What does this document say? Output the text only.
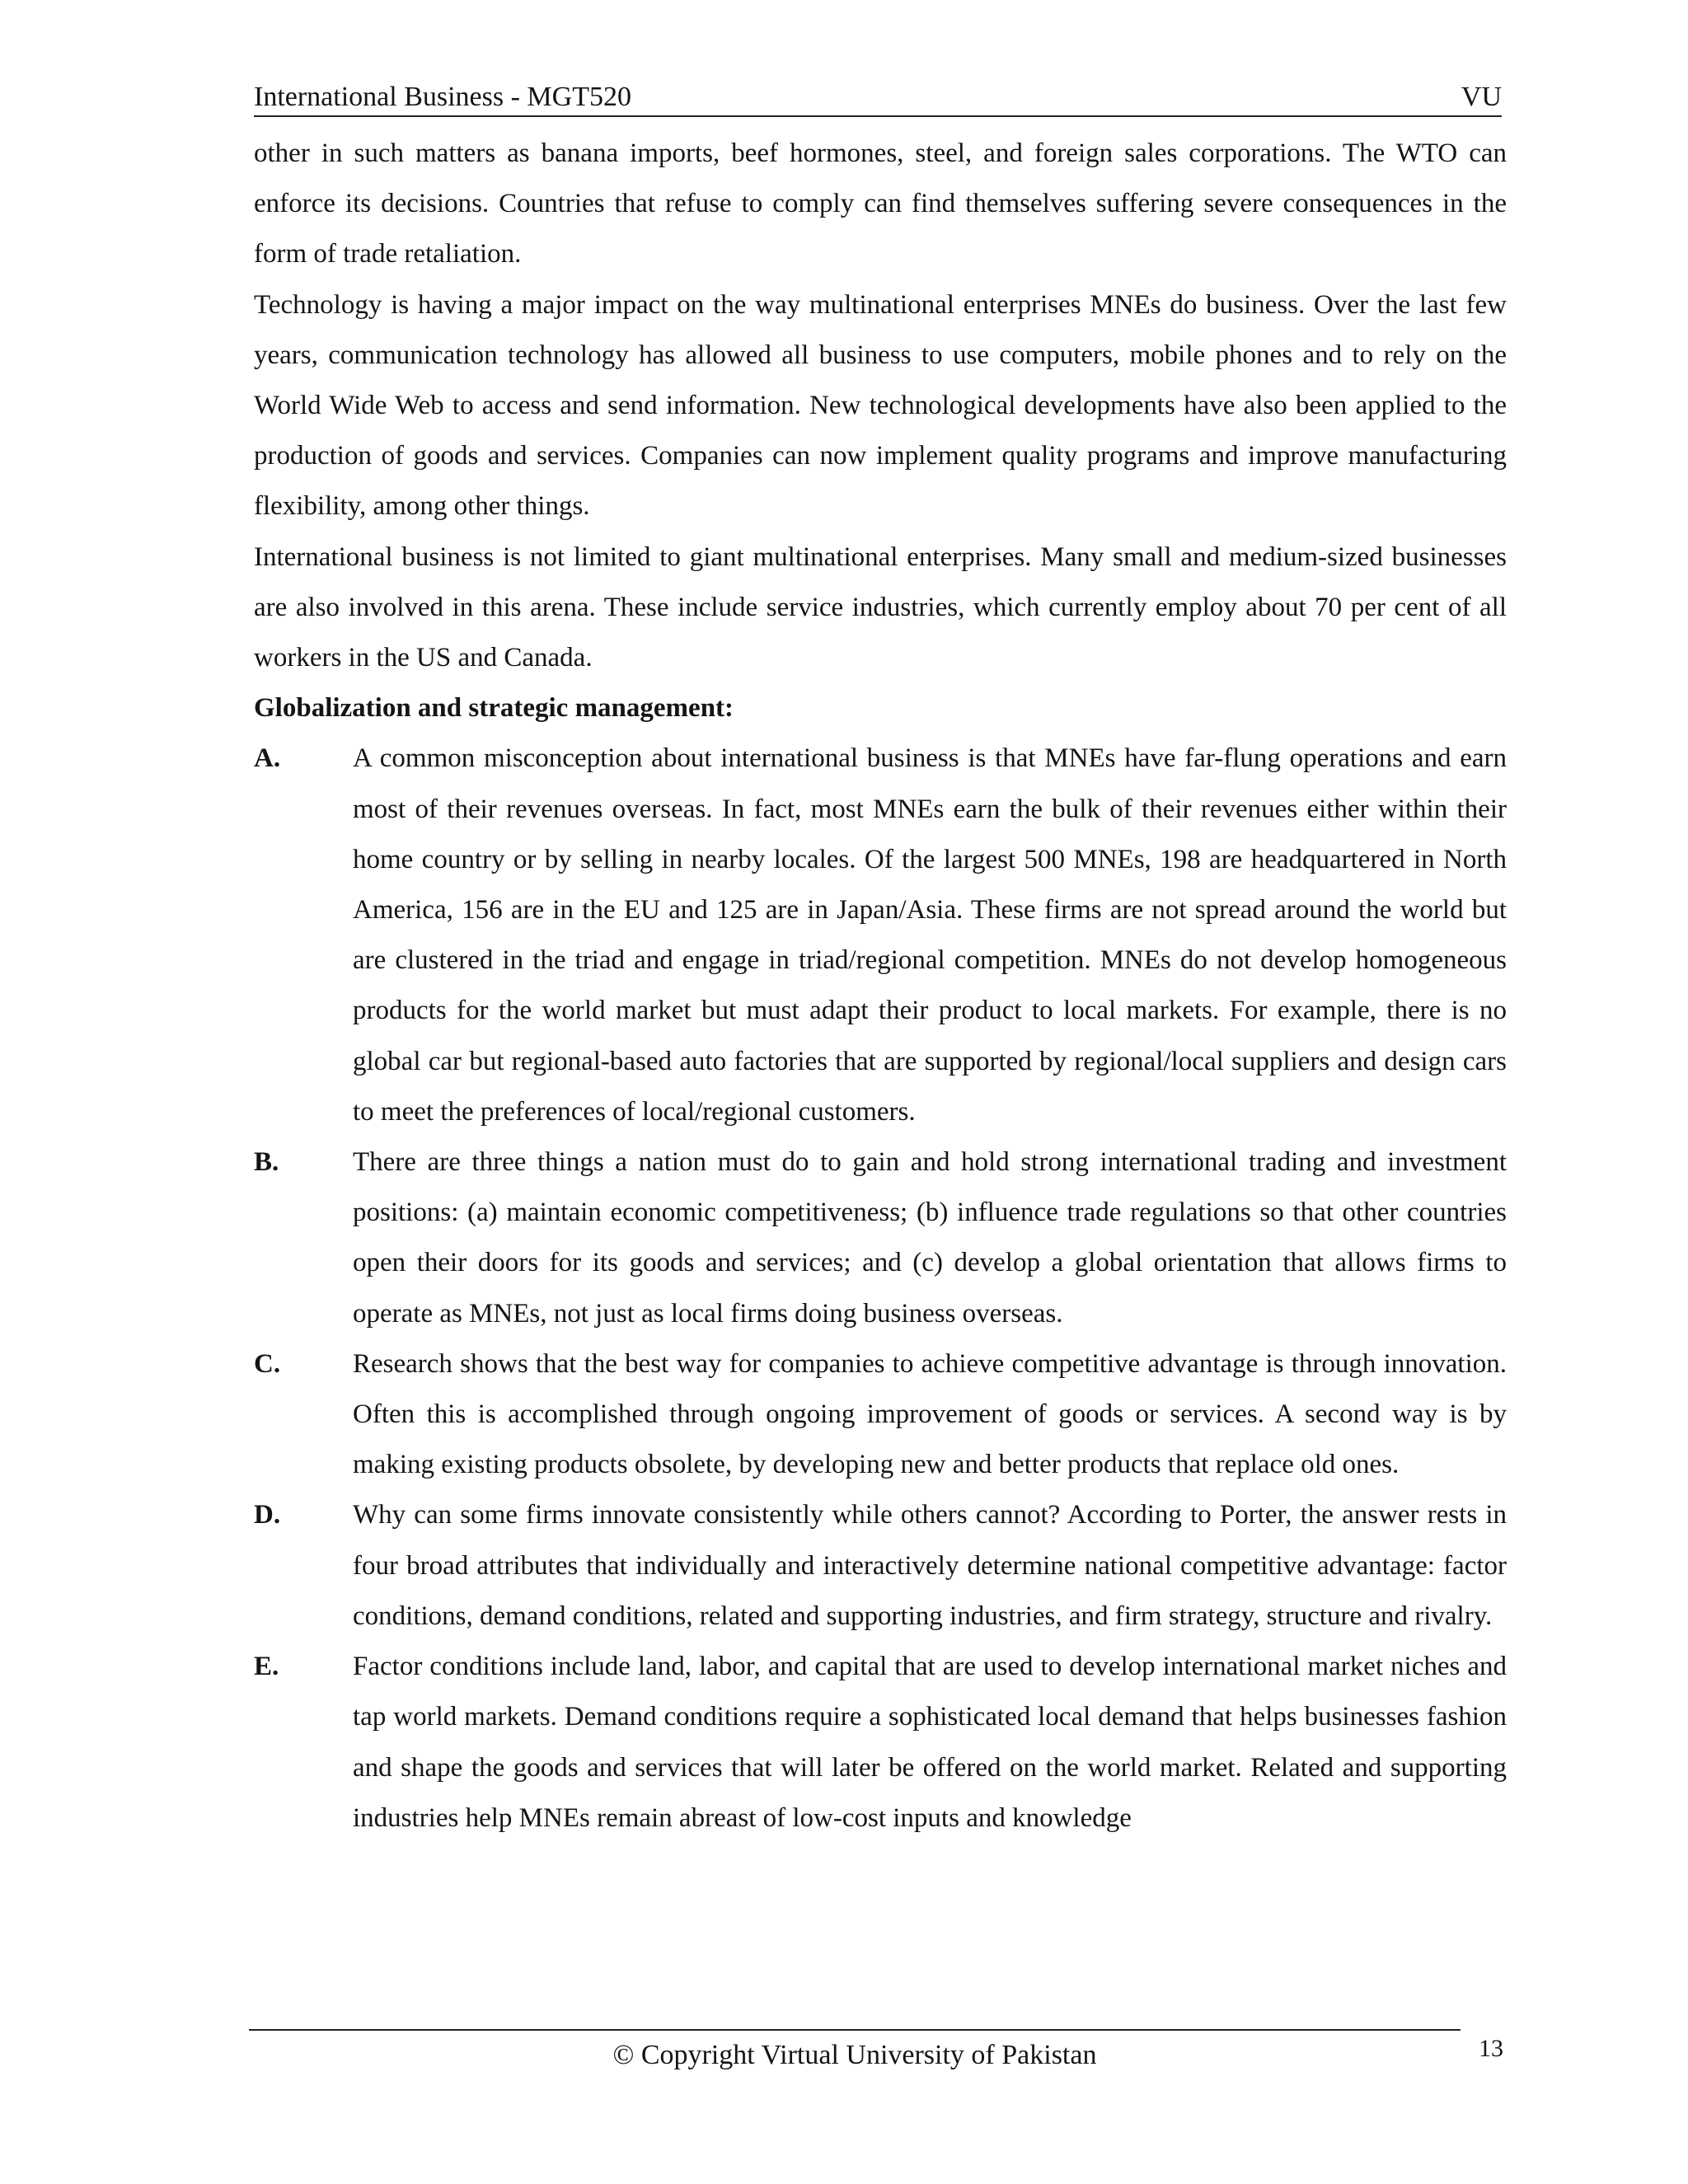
International Business - MGT520	VU

other in such matters as banana imports, beef hormones, steel, and foreign sales corporations. The WTO can enforce its decisions. Countries that refuse to comply can find themselves suffering severe consequences in the form of trade retaliation.

Technology is having a major impact on the way multinational enterprises MNEs do business. Over the last few years, communication technology has allowed all business to use computers, mobile phones and to rely on the World Wide Web to access and send information. New technological developments have also been applied to the production of goods and services. Companies can now implement quality programs and improve manufacturing flexibility, among other things.

International business is not limited to giant multinational enterprises. Many small and medium-sized businesses are also involved in this arena. These include service industries, which currently employ about 70 per cent of all workers in the US and Canada.

Globalization and strategic management:
A.	A common misconception about international business is that MNEs have far-flung operations and earn most of their revenues overseas. In fact, most MNEs earn the bulk of their revenues either within their home country or by selling in nearby locales. Of the largest 500 MNEs, 198 are headquartered in North America, 156 are in the EU and 125 are in Japan/Asia. These firms are not spread around the world but are clustered in the triad and engage in triad/regional competition. MNEs do not develop homogeneous products for the world market but must adapt their product to local markets. For example, there is no global car but regional-based auto factories that are supported by regional/local suppliers and design cars to meet the preferences of local/regional customers.
B.	There are three things a nation must do to gain and hold strong international trading and investment positions: (a) maintain economic competitiveness; (b) influence trade regulations so that other countries open their doors for its goods and services; and (c) develop a global orientation that allows firms to operate as MNEs, not just as local firms doing business overseas.
C.	Research shows that the best way for companies to achieve competitive advantage is through innovation. Often this is accomplished through ongoing improvement of goods or services. A second way is by making existing products obsolete, by developing new and better products that replace old ones.
D.	Why can some firms innovate consistently while others cannot? According to Porter, the answer rests in four broad attributes that individually and interactively determine national competitive advantage: factor conditions, demand conditions, related and supporting industries, and firm strategy, structure and rivalry.
E.	Factor conditions include land, labor, and capital that are used to develop international market niches and tap world markets. Demand conditions require a sophisticated local demand that helps businesses fashion and shape the goods and services that will later be offered on the world market. Related and supporting industries help MNEs remain abreast of low-cost inputs and knowledge
© Copyright Virtual University of Pakistan	13
